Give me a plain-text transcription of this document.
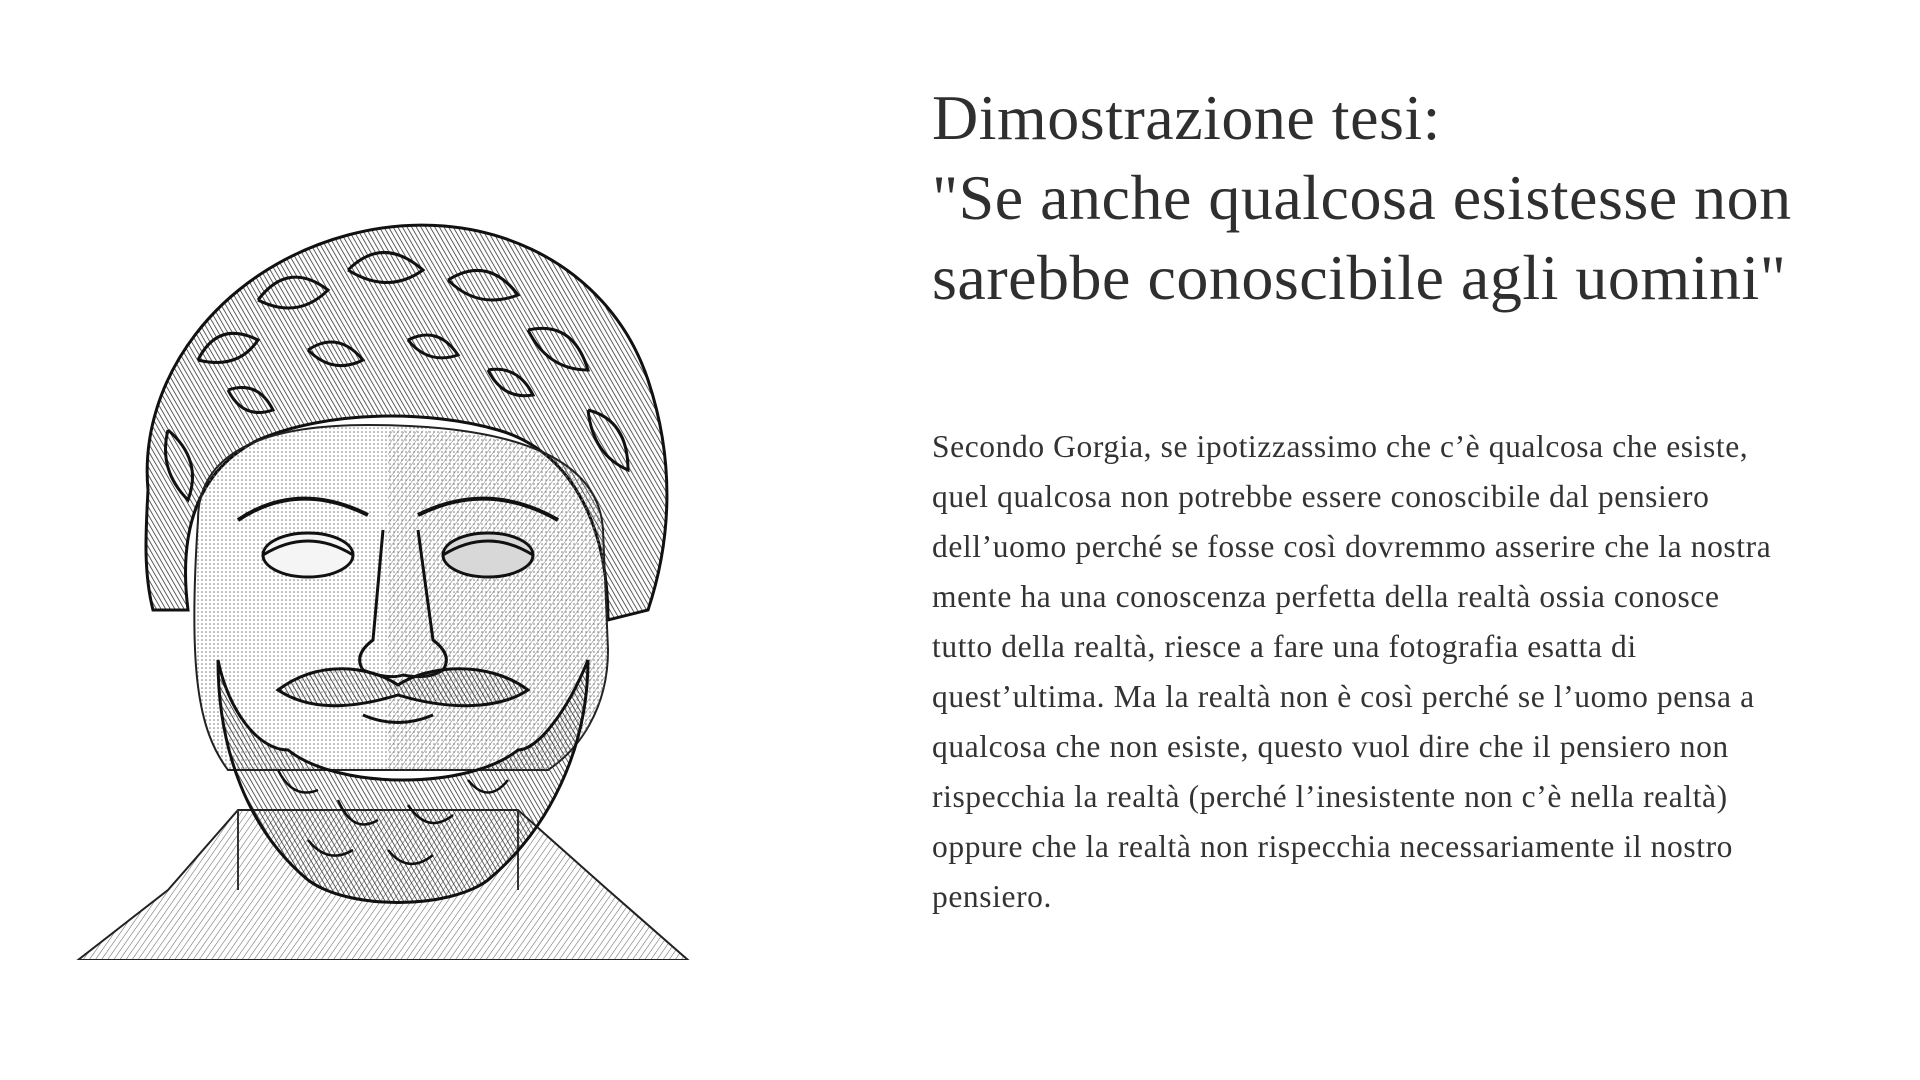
Dimostrazione tesi:
"Se anche qualcosa esistesse non
sarebbe conoscibile agli uomini"

Secondo Gorgia, se ipotizzassimo che c’è qualcosa che esiste,
quel qualcosa non potrebbe essere conoscibile dal pensiero
dell’uomo perché se fosse così dovremmo asserire che la nostra
mente ha una conoscenza perfetta della realtà ossia conosce
tutto della realtà, riesce a fare una fotografia esatta di
quest’ultima. Ma la realtà non è così perché se l’uomo pensa a
qualcosa che non esiste, questo vuol dire che il pensiero non
rispecchia la realtà (perché l’inesistente non c’è nella realtà)
oppure che la realtà non rispecchia necessariamente il nostro
pensiero.
